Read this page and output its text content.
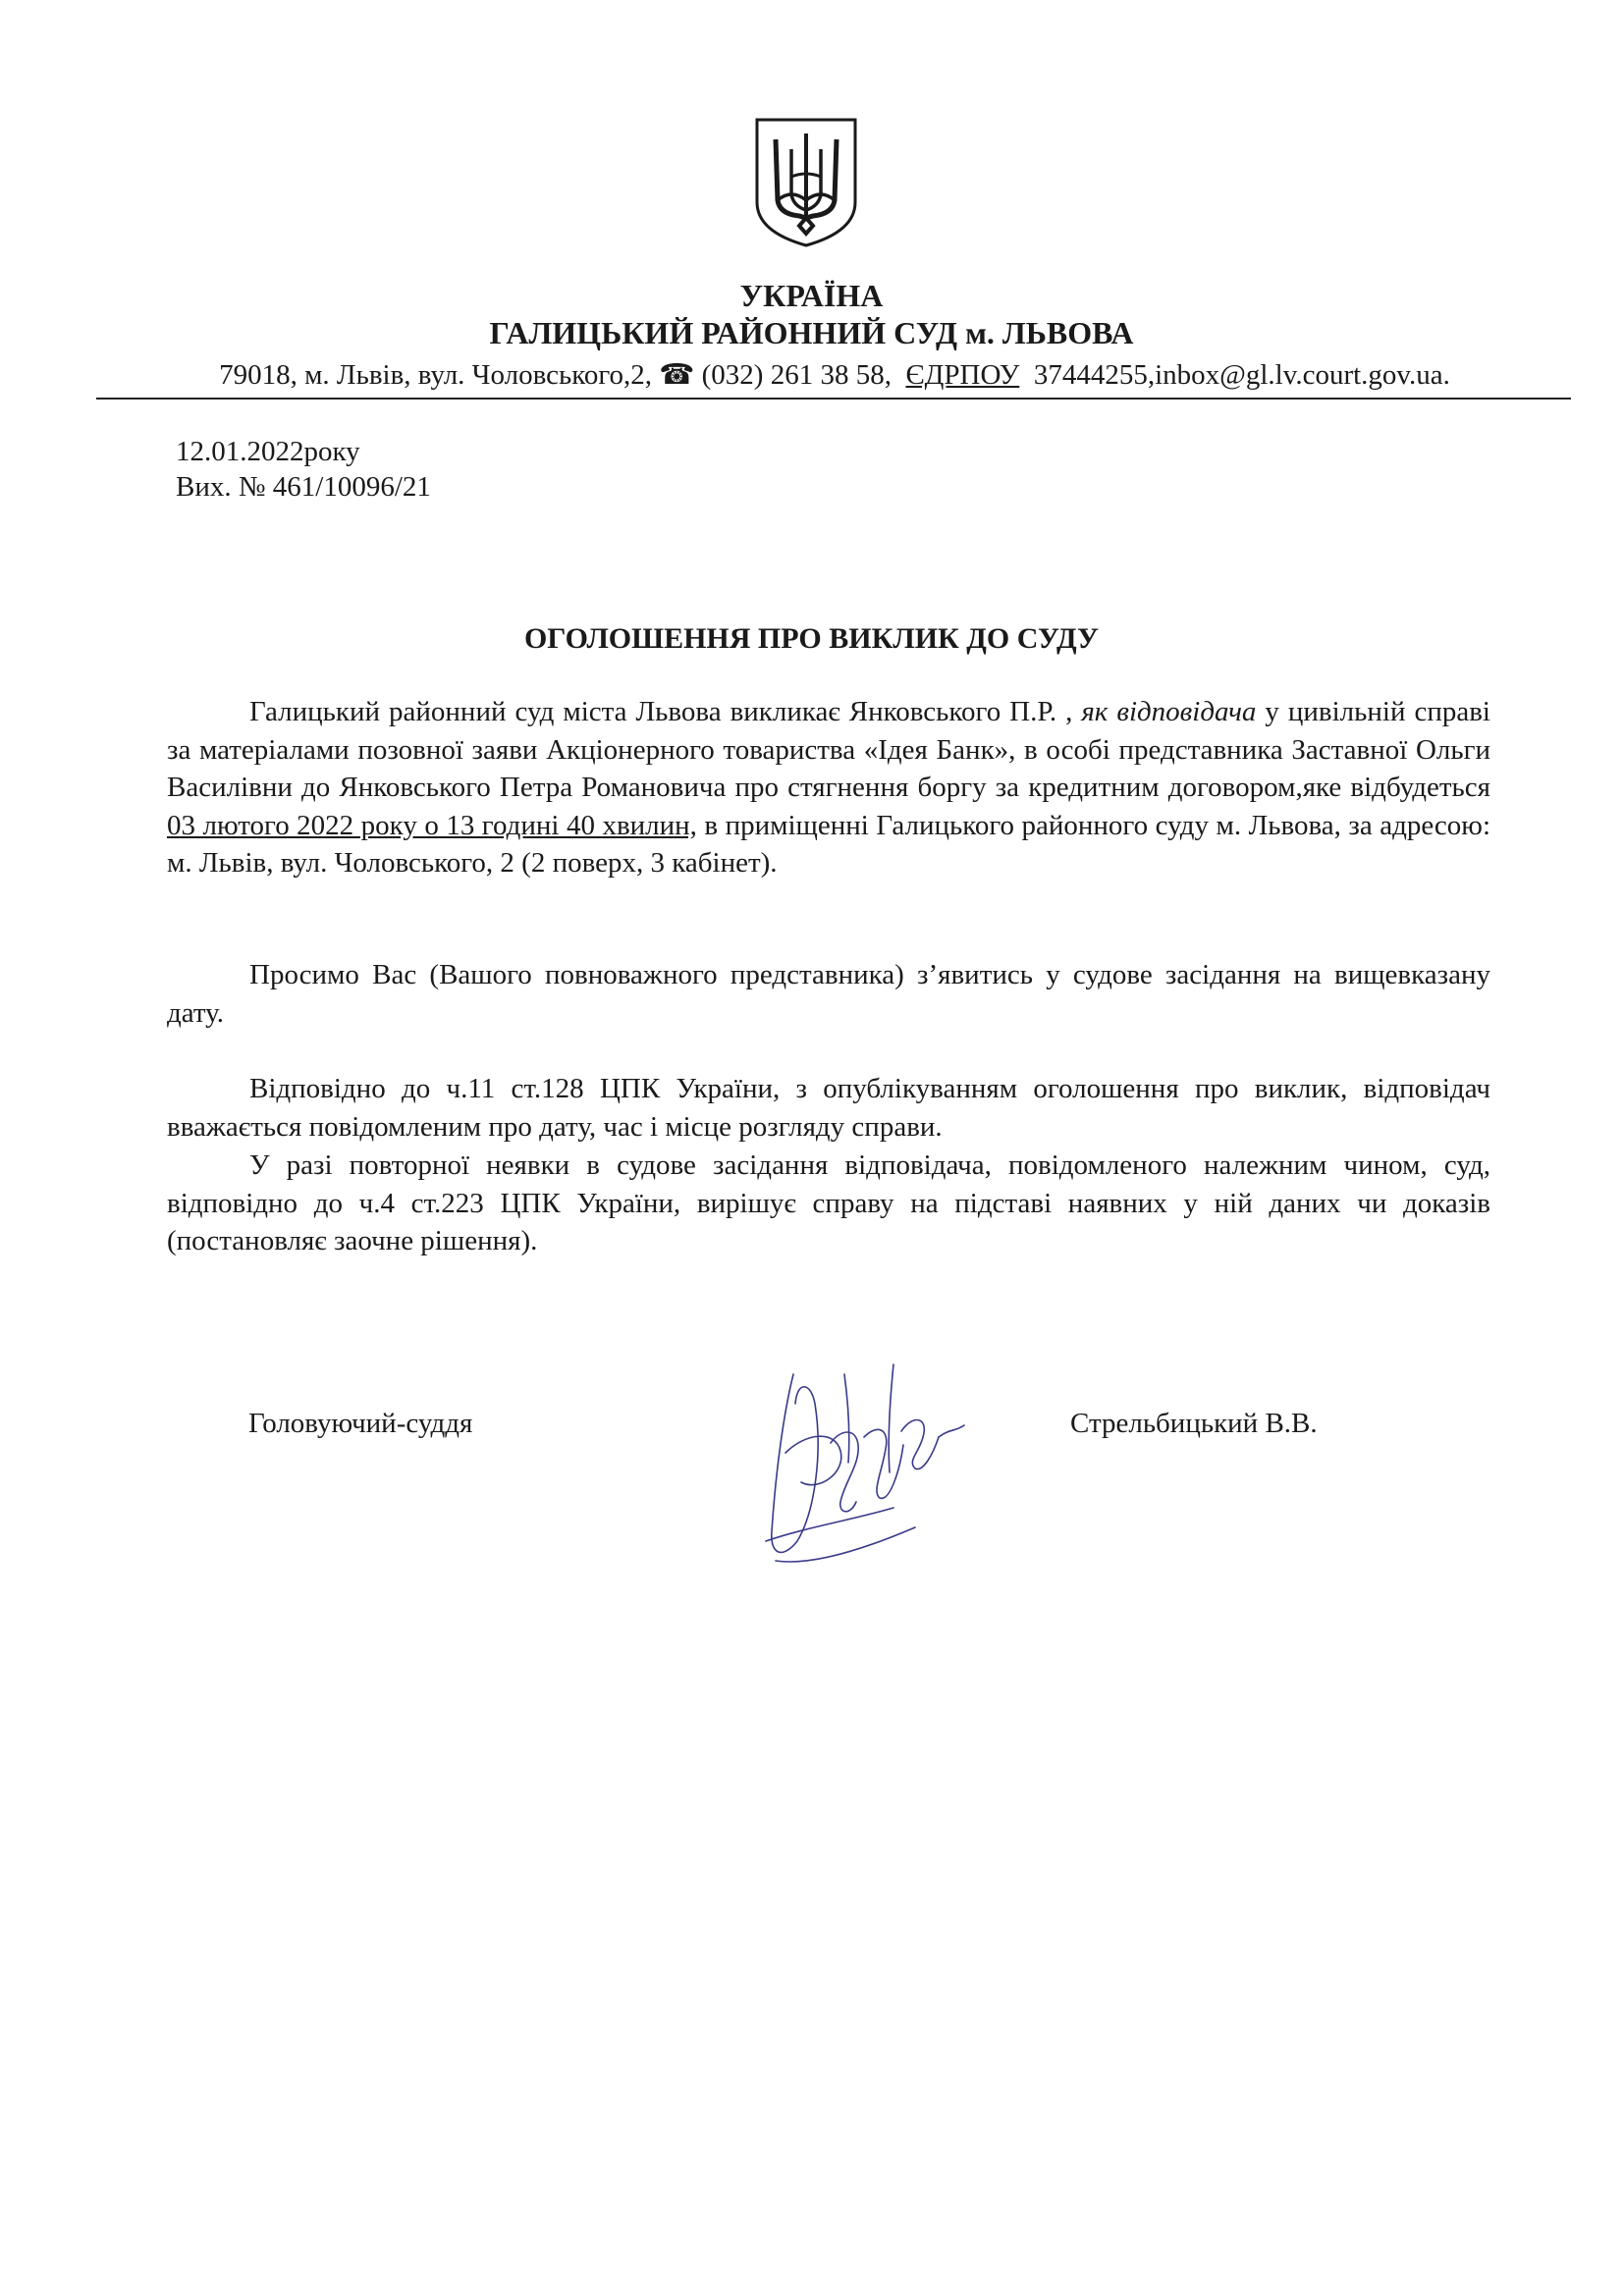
УКРАЇНА
ГАЛИЦЬКИЙ РАЙОННИЙ СУД м. ЛЬВОВА
79018, м. Львів, вул. Чоловського,2, ☎ (032) 261 38 58,  ЄДРПОУ 37444255,inbox@gl.lv.court.gov.ua.
12.01.2022року
Вих. № 461/10096/21
ОГОЛОШЕННЯ ПРО ВИКЛИК ДО СУДУ
Галицький районний суд міста Львова викликає Янковського П.Р. , як відповідача у цивільній справі за матеріалами позовної заяви Акціонерного товариства «Ідея Банк», в особі представника Заставної Ольги Василівни до Янковського Петра Романовича про стягнення боргу за кредитним договором,яке відбудеться 03 лютого 2022 року о 13 годині 40 хвилин, в приміщенні Галицького районного суду м. Львова, за адресою: м. Львів, вул. Чоловського, 2 (2 поверх, 3 кабінет).
Просимо Вас (Вашого повноважного представника) з’явитись у судове засідання на вищевказану дату.
Відповідно до ч.11 ст.128 ЦПК України, з опублікуванням оголошення про виклик, відповідач вважається повідомленим про дату, час і місце розгляду справи.
У разі повторної неявки в судове засідання відповідача, повідомленого належним чином, суд, відповідно до ч.4 ст.223 ЦПК України, вирішує справу на підставі наявних у ній даних чи доказів (постановляє заочне рішення).
Головуючий-суддя	Стрельбицький В.В.
